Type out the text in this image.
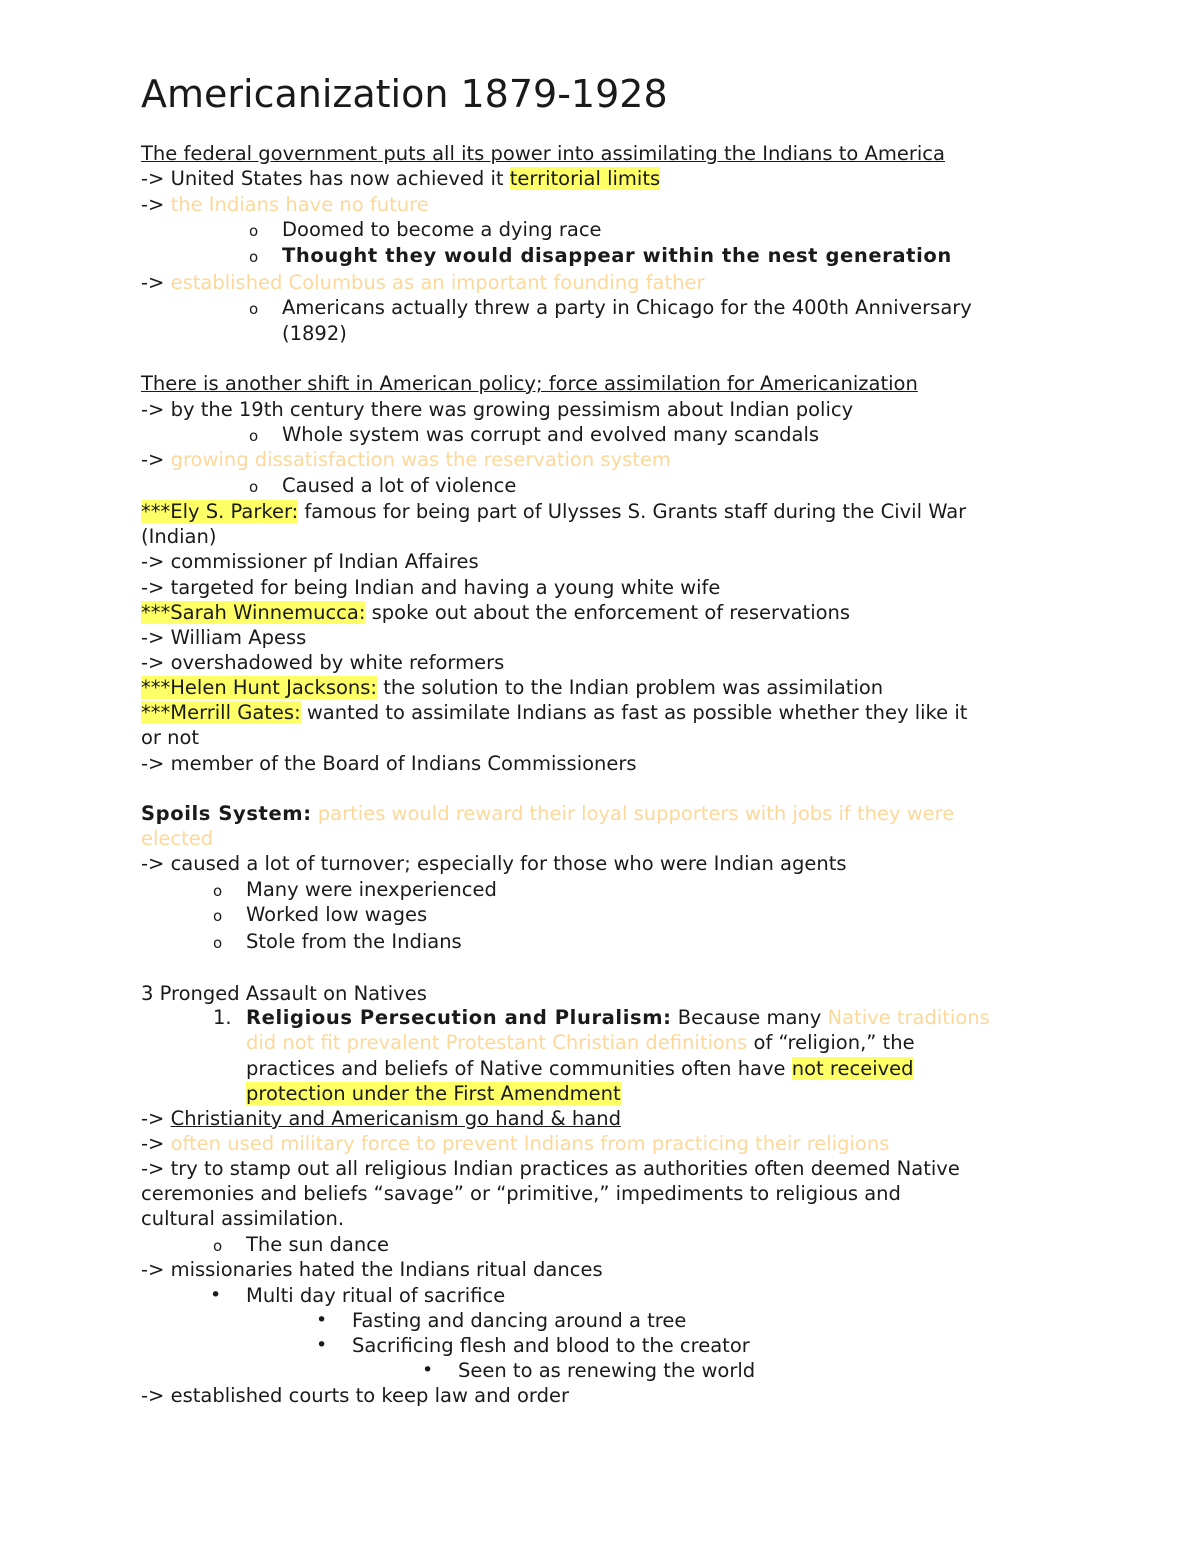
Americanization 1879-1928
The federal government puts all its power into assimilating the Indians to America
-> United States has now achieved it territorial limits
-> the Indians have no future
o Doomed to become a dying race
o Thought they would disappear within the nest generation
-> established Columbus as an important founding father
o Americans actually threw a party in Chicago for the 400th Anniversary
(1892)
There is another shift in American policy; force assimilation for Americanization
-> by the 19th century there was growing pessimism about Indian policy
o Whole system was corrupt and evolved many scandals
-> growing dissatisfaction was the reservation system
o Caused a lot of violence
***Ely S. Parker: famous for being part of Ulysses S. Grants staff during the Civil War
(Indian)
-> commissioner pf Indian Affaires
-> targeted for being Indian and having a young white wife
***Sarah Winnemucca: spoke out about the enforcement of reservations
-> William Apess
-> overshadowed by white reformers
***Helen Hunt Jacksons: the solution to the Indian problem was assimilation
***Merrill Gates: wanted to assimilate Indians as fast as possible whether they like it
or not
-> member of the Board of Indians Commissioners
Spoils System: parties would reward their loyal supporters with jobs if they were
elected
-> caused a lot of turnover; especially for those who were Indian agents
o Many were inexperienced
o Worked low wages
o Stole from the Indians
3 Pronged Assault on Natives
1. Religious Persecution and Pluralism: Because many Native traditions
did not fit prevalent Protestant Christian definitions of “religion,” the
practices and beliefs of Native communities often have not received
protection under the First Amendment
-> Christianity and Americanism go hand & hand
-> often used military force to prevent Indians from practicing their religions
-> try to stamp out all religious Indian practices as authorities often deemed Native
ceremonies and beliefs “savage” or “primitive,” impediments to religious and
cultural assimilation.
o The sun dance
-> missionaries hated the Indians ritual dances
• Multi day ritual of sacrifice
• Fasting and dancing around a tree
• Sacrificing flesh and blood to the creator
• Seen to as renewing the world
-> established courts to keep law and order
